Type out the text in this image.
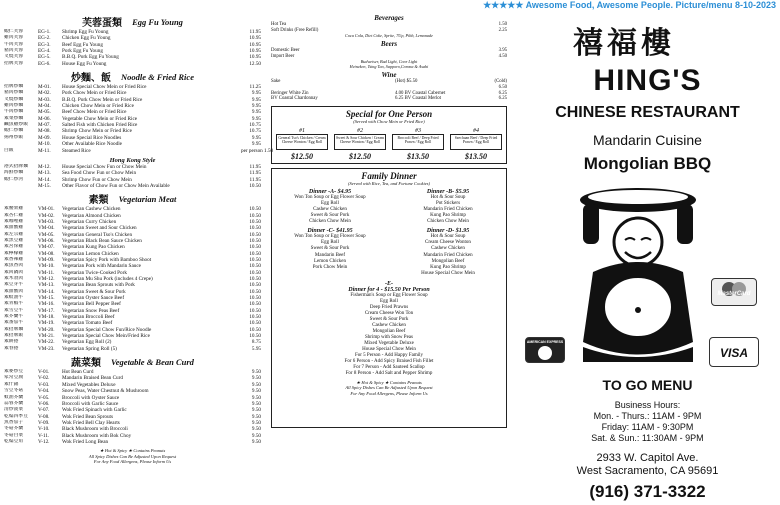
★★★★★ Awesome Food, Awesome People. Picture/menu 8-10-2023
芙蓉蛋類 Egg Fu Young
蝦仁芙蓉	EG-1.	Shrimp Egg Fu Young	11.95
雞肉芙蓉	EG-2.	Chicken Egg Fu Young	10.95
牛肉芙蓉	EG-3.	Beef Egg Fu Young	10.95
豬肉芙蓉	EG-4.	Pork Egg Fu Young	10.95
叉燒芙蓉	EG-5.	B.B.Q. Pork Egg Fu Young	10.95
招牌芙蓉	EG-6.	House Egg Fu Young	12.50
炒麵、飯 Noodle & Fried Rice
招牌炒麵	M-01.	House Special Chow Mein or Fried Rice	11.25
豬肉炒麵	M-02.	Pork Chow Mein or Fried Rice	9.95
叉燒炒麵	M-03.	B.B.Q. Pork Chow Mein or Fried Rice	9.95
雞肉炒麵	M-04.	Chicken Chow Mein or Fried Rice	9.95
牛肉炒麵	M-05.	Beef Chow Mein or Fried Rice	9.95
素菜炒麵	M-06.	Vegetable Chow Mein or Fried Rice	9.95
鹹魚雞炒飯	M-07.	Salted Fish with Chicken Fried Rice	10.75
蝦仁炒麵	M-08.	Shrimp Chow Mein or Fried Rice	10.75
揚州炒飯	M-09.	House Special Rice Noodles	9.95
M-10.	Other Available Rice Noodle	9.95
白飯	M-11.	Steamed Rice	per person 1.50
Hong Kong Style
港式招牌麵	M-12.	House Special Chow Fun or Chow Mein	11.95
海鮮炒麵	M-13.	Sea Food Chow Fun or Chow Mein	11.95
蝦仁炒河	M-14.	Shrimp Chow Fun or Chow Mein	11.95
M-15.	Other Flavor of Chow Fun or Chow Mein Available	10.50
素類 Vegetarian Meat
素腰果雞	VM-01.	Vegetarian Cashew Chicken	10.50
素杏仁雞	VM-02.	Vegetarian Almond Chicken	10.50
素咖哩雞	VM-03.	Vegetarian Curry Chicken	10.50
素甜酸雞	VM-04.	Vegetarian Sweet and Sour Chicken	10.50
素左宗雞	VM-05.	Vegetarian General Tso's Chicken	10.50
素黑豆雞	VM-06.	Vegetarian Black Bean Sauce Chicken	10.50
素宮保雞	VM-07.	Vegetarian Kung Pao Chicken	10.50
素檸檬雞	VM-08.	Vegetarian Lemon Chicken	10.50
素香辣雞	VM-09.	Vegetarian Spicy Pork with Bamboo Shoot	10.50
素魚香肉	VM-10.	Vegetarian Pork with Mandarin Sauce	10.50
素回鍋肉	VM-11.	Vegetarian Twice-Cooked Pork	10.50
素木須肉	VM-12.	Vegetarian Mu Shu Pork (includes 4 Crepe)	10.50
素豆芽牛	VM-13.	Vegetarian Bean Sprouts with Pork	10.50
素甜酸肉	VM-14.	Vegetarian Sweet & Sour Pork	10.50
素蚊油牛	VM-15.	Vegetarian Oyster Sauce Beef	10.50
素青椒牛	VM-16.	Vegetarian Bell Pepper Beef	10.50
素雪豆牛	VM-17.	Vegetarian Snow Peas Beef	10.50
素芥蘭牛	VM-18.	Vegetarian Broccoli Beef	10.50
素番茄牛	VM-19.	Vegetarian Tomato Beef	10.50
素招牌麵	VM-20.	Vegetarian Special Chow Fun/Rice Noodle	10.50
素招牌飯	VM-21.	Vegetarian Special Chow Mein/Fried Rice	10.50
素餅捲	VM-22.	Vegetarian Egg Roll (2)	8.75
素春捲	VM-23.	Vegetarian Spring Roll (5)	5.95
蔬菜類 Vegetable & Bean Curd
素麥炒豆	V-01.	Hot Bean Curd	9.50
家常豆腐	V-02.	Mandarin Braised Bean Curd	9.50
素什錦	V-03.	Mixed Vegetables Deluxe	9.50
雪豆冬菇	V-04.	Snow Peas, Water Chestnut & Mushroom	9.50
蚊油芥蘭	V-05.	Broccoli with Oyster Sauce	9.50
蒜蓉芥蘭	V-06.	Broccoli with Garlic Sauce	9.50
清炒菠菜	V-07.	Wok Fried Spinach with Garlic	9.50
乾煸四季豆	V-08.	Wok Fried Bean Sprouts	9.50
魚香茄子	V-09.	Wok Fried Bell Clay Hearts	9.50
冬菇芥蘭	V-10.	Black Mushroom with Broccoli	9.50
冬菇白菜	V-11.	Black Mushroom with Bok Choy	9.50
乾煸豆角	V-12.	Wok Fried Long Bean	9.50
★ Hot & Spicy ★ Contains Peanuts
All Spicy Dishes Can Be Adjusted Upon Request
For Any Food Allergens, Please Inform Us
Beverages
Hot Tea	1.50
Soft Drinks (Free Refill)	2.25
Coca Cola, Diet Coke, Sprite, 7Up, Pibb, Lemonade
Beers
Domestic Beer	3.95
Import Beer	4.50
Budweiser, Bud Light, Coor Light
Heineken, Tsing Tao, Sapporo,Corona & Asahi
Wine
Sake	(Hot) $5.50	(Cold) 6.50
Beringer White Zin	4.00 BV Coastal Cabernet	6.25
BV Coastal Chardonnay	6.25 BV Coastal Merlot	6.25
Special for One Person
(Served with Chow Mein or Fried Rice)
#1
General Tso's Chicken / Cream Cheese Wonton / Egg Roll
$12.50
#2
Sweet & Sour Chicken / Cream Cheese Wonton / Egg Roll
$12.50
#3
Broccoli Beef / Deep Fried Prawn / Egg Roll
$13.50
#4
Szechuan Beef / Deep Fried Prawn / Egg Roll
$13.50
Family Dinner
(Served with Rice, Tea, and Fortune Cookies)
Dinner -A- $4.95
Won Ton Soup or Egg Flower Soup
Egg Roll
Cashew Chicken
Sweet & Sour Pork
Chicken Chow Mein
Dinner -B- $5.95
Hot & Sour Soup
Pot Stickers
Mandarin Fried Chicken
Kung Pao Shrimp
Chicken Chow Mein
Dinner -C- $41.95
Won Ton Soup or Egg Flower Soup
Egg Roll
Sweet & Sour Pork
Mandarin Beef
Lemon Chicken
Pork Chow Mein
Dinner -D- $1.95
Hot & Sour Soup
Cream Cheese Wonton
Cashew Chicken
Mandarin Fried Chicken
Mongolian Beef
Kung Pao Shrimp
House Special Chow Mein
-E-
Dinner for 4 - $15.50 Per Person
Fisherman's Soup or Egg Flower Soup
Egg Roll
Deep Fried Prawns
Cream Cheese Won Ton
Sweet & Sour Pork
Cashew Chicken
Mongolian Beef
Shrimp with Snow Peas
Mixed Vegetable Deluxe
House Special Chow Mein
For 5 Person - Add Happy Family
For 6 Person - Add Spicy Braised Fish Fillet
For 7 Person - Add Sauteed Scallop
For 8 Person - Add Salt and Pepper Shrimp
★ Hot & Spicy ★ Contains Peanuts
All Spicy Dishes Can Be Adjusted Upon Request
For Any Food Allergens, Please Inform Us
禧福樓
HING'S
CHINESE RESTAURANT
Mandarin Cuisine
Mongolian BBQ
MasterCard
AMERICAN EXPRESS
VISA
TO GO MENU
Business Hours:
Mon. - Thurs.: 11AM - 9PM
Friday: 11AM - 9:30PM
Sat. & Sun.: 11:30AM - 9PM
2933 W. Capitol Ave.
West Sacramento, CA 95691
(916) 371-3322
